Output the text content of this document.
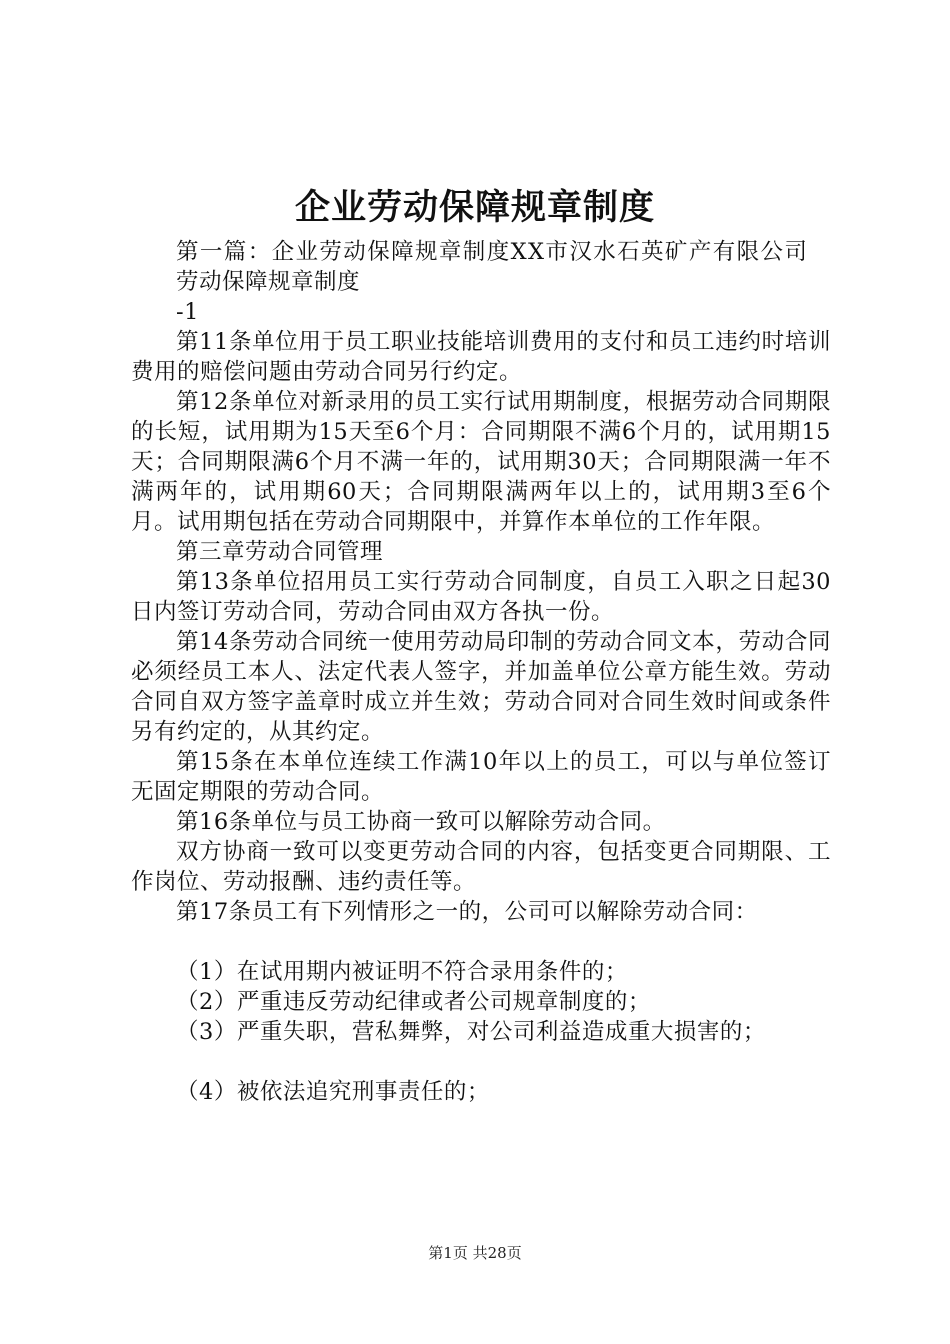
企业劳动保障规章制度

第一篇：企业劳动保障规章制度XX市汉水石英矿产有限公司

劳动保障规章制度

-1

第11条单位用于员工职业技能培训费用的支付和员工违约时培训费用的赔偿问题由劳动合同另行约定。

第12条单位对新录用的员工实行试用期制度，根据劳动合同期限的长短，试用期为15天至6个月：合同期限不满6个月的，试用期15天；合同期限满6个月不满一年的，试用期30天；合同期限满一年不满两年的，试用期60天；合同期限满两年以上的，试用期3至6个月。试用期包括在劳动合同期限中，并算作本单位的工作年限。

第三章劳动合同管理

第13条单位招用员工实行劳动合同制度，自员工入职之日起30日内签订劳动合同，劳动合同由双方各执一份。

第14条劳动合同统一使用劳动局印制的劳动合同文本，劳动合同必须经员工本人、法定代表人签字，并加盖单位公章方能生效。劳动合同自双方签字盖章时成立并生效；劳动合同对合同生效时间或条件另有约定的，从其约定。

第15条在本单位连续工作满10年以上的员工，可以与单位签订无固定期限的劳动合同。

第16条单位与员工协商一致可以解除劳动合同。

双方协商一致可以变更劳动合同的内容，包括变更合同期限、工作岗位、劳动报酬、违约责任等。

第17条员工有下列情形之一的，公司可以解除劳动合同：

（1）在试用期内被证明不符合录用条件的；

（2）严重违反劳动纪律或者公司规章制度的；

（3）严重失职，营私舞弊，对公司利益造成重大损害的；

（4）被依法追究刑事责任的；

第1页 共28页
